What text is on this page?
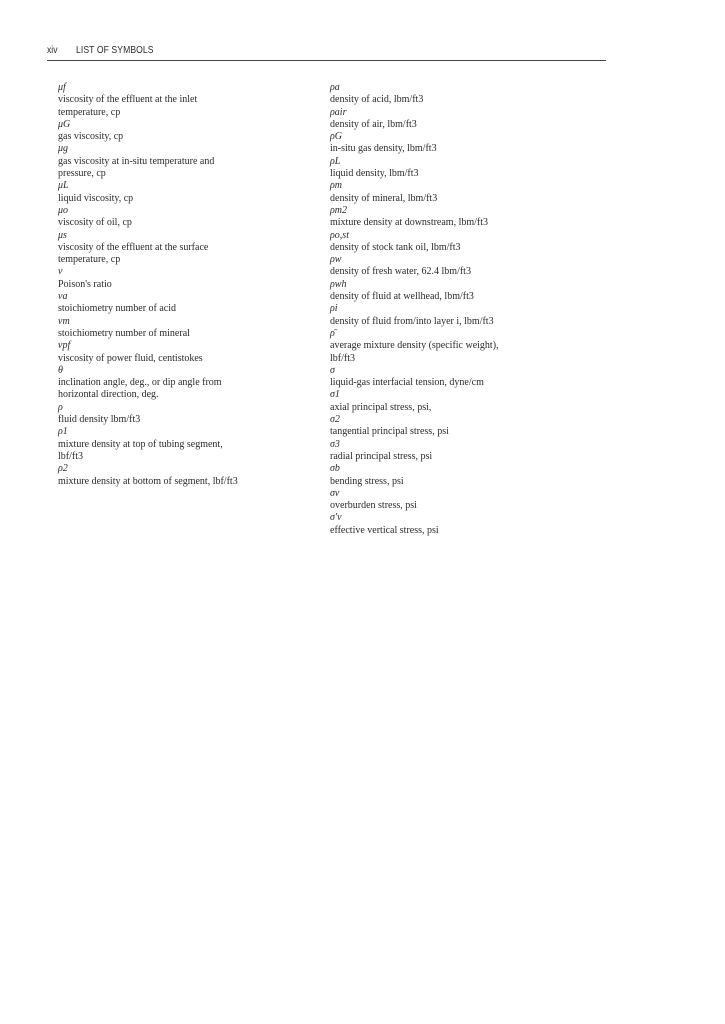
xiv LIST OF SYMBOLS
μf
viscosity of the effluent at the inlet
temperature, cp
μG
gas viscosity, cp
μg
gas viscosity at in-situ temperature and
pressure, cp
μL
liquid viscosity, cp
μo
viscosity of oil, cp
μs
viscosity of the effluent at the surface
temperature, cp
ν
Poison's ratio
νa
stoichiometry number of acid
νm
stoichiometry number of mineral
νpf
viscosity of power fluid, centistokes
θ
inclination angle, deg., or dip angle from
horizontal direction, deg.
ρ
fluid density lbm/ft3
ρ1
mixture density at top of tubing segment,
lbf/ft3
ρ2
mixture density at bottom of segment, lbf/ft3
ρa
density of acid, lbm/ft3
ρair
density of air, lbm/ft3
ρG
in-situ gas density, lbm/ft3
ρL
liquid density, lbm/ft3
ρm
density of mineral, lbm/ft3
ρm2
mixture density at downstream, lbm/ft3
ρo,st
density of stock tank oil, lbm/ft3
ρw
density of fresh water, 62.4 lbm/ft3
ρwh
density of fluid at wellhead, lbm/ft3
ρi
density of fluid from/into layer i, lbm/ft3
ρ̄
average mixture density (specific weight),
lbf/ft3
σ
liquid-gas interfacial tension, dyne/cm
σ1
axial principal stress, psi,
σ2
tangential principal stress, psi
σ3
radial principal stress, psi
σb
bending stress, psi
σv
overburden stress, psi
σ′v
effective vertical stress, psi
